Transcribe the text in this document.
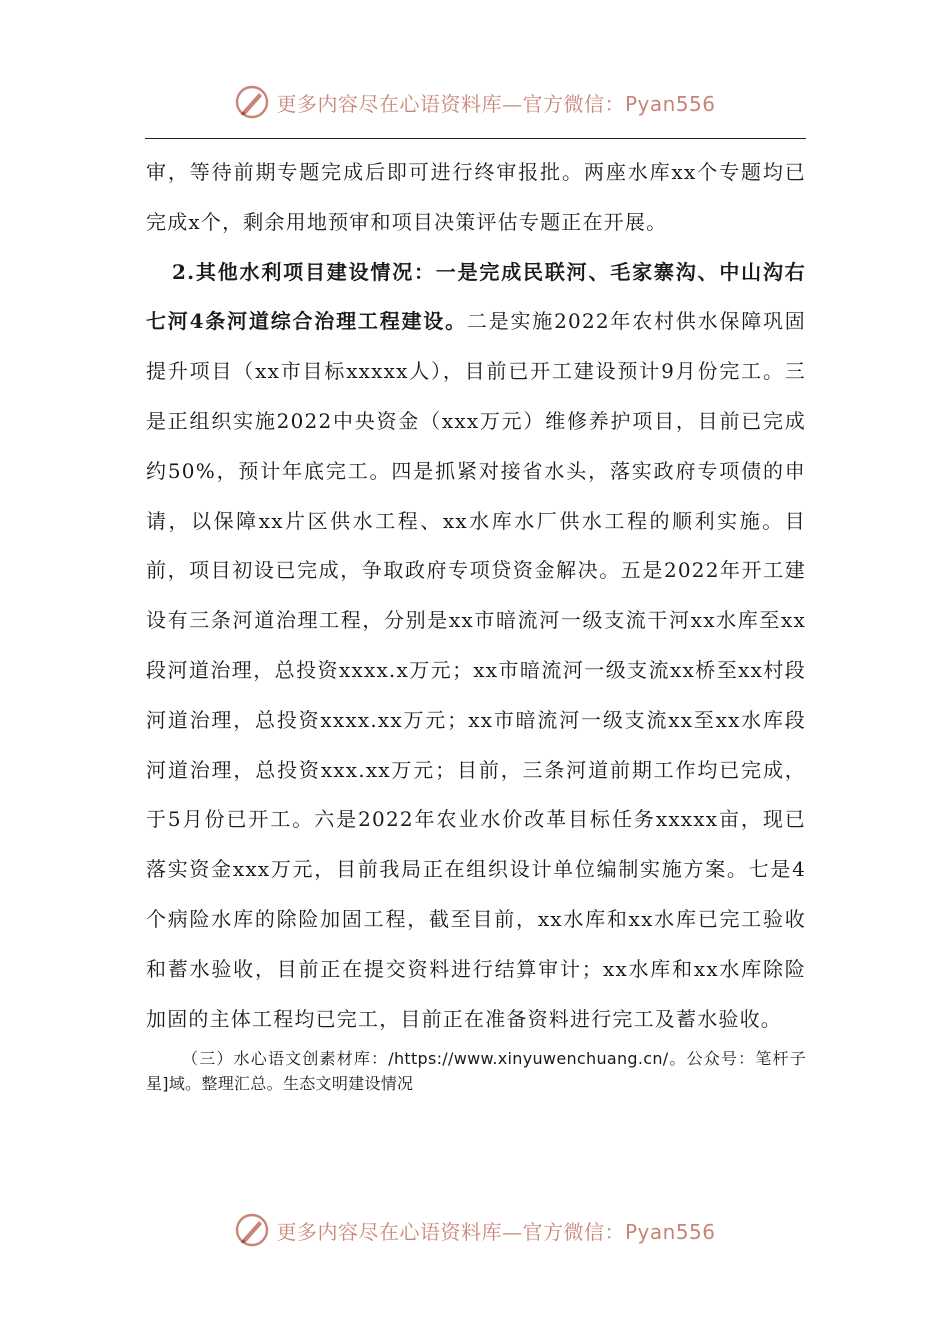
更多内容尽在心语资料库—官方微信：Pyan556

审，等待前期专题完成后即可进行终审报批。两座水库xx个专题均已完成x个，剩余用地预审和项目决策评估专题正在开展。

2.其他水利项目建设情况：一是完成民联河、毛家寨沟、中山沟右七河4条河道综合治理工程建设。二是实施2022年农村供水保障巩固提升项目（xx市目标xxxxx人），目前已开工建设预计9月份完工。三是正组织实施2022中央资金（xxx万元）维修养护项目，目前已完成约50%，预计年底完工。四是抓紧对接省水头，落实政府专项债的申请，以保障xx片区供水工程、xx水库水厂供水工程的顺利实施。目前，项目初设已完成，争取政府专项贷资金解决。五是2022年开工建设有三条河道治理工程，分别是xx市暗流河一级支流干河xx水库至xx段河道治理，总投资xxxx.x万元；xx市暗流河一级支流xx桥至xx村段河道治理，总投资xxxx.xx万元；xx市暗流河一级支流xx至xx水库段河道治理，总投资xxx.xx万元；目前，三条河道前期工作均已完成，于5月份已开工。六是2022年农业水价改革目标任务xxxxx亩，现已落实资金xxx万元，目前我局正在组织设计单位编制实施方案。七是4个病险水库的除险加固工程，截至目前，xx水库和xx水库已完工验收和蓄水验收，目前正在提交资料进行结算审计；xx水库和xx水库除险加固的主体工程均已完工，目前正在准备资料进行完工及蓄水验收。

（三）水心语文创素材库：/https://www.xinyuwenchuang.cn/。公众号：笔杆子星]域。整理汇总。生态文明建设情况

更多内容尽在心语资料库—官方微信：Pyan556
